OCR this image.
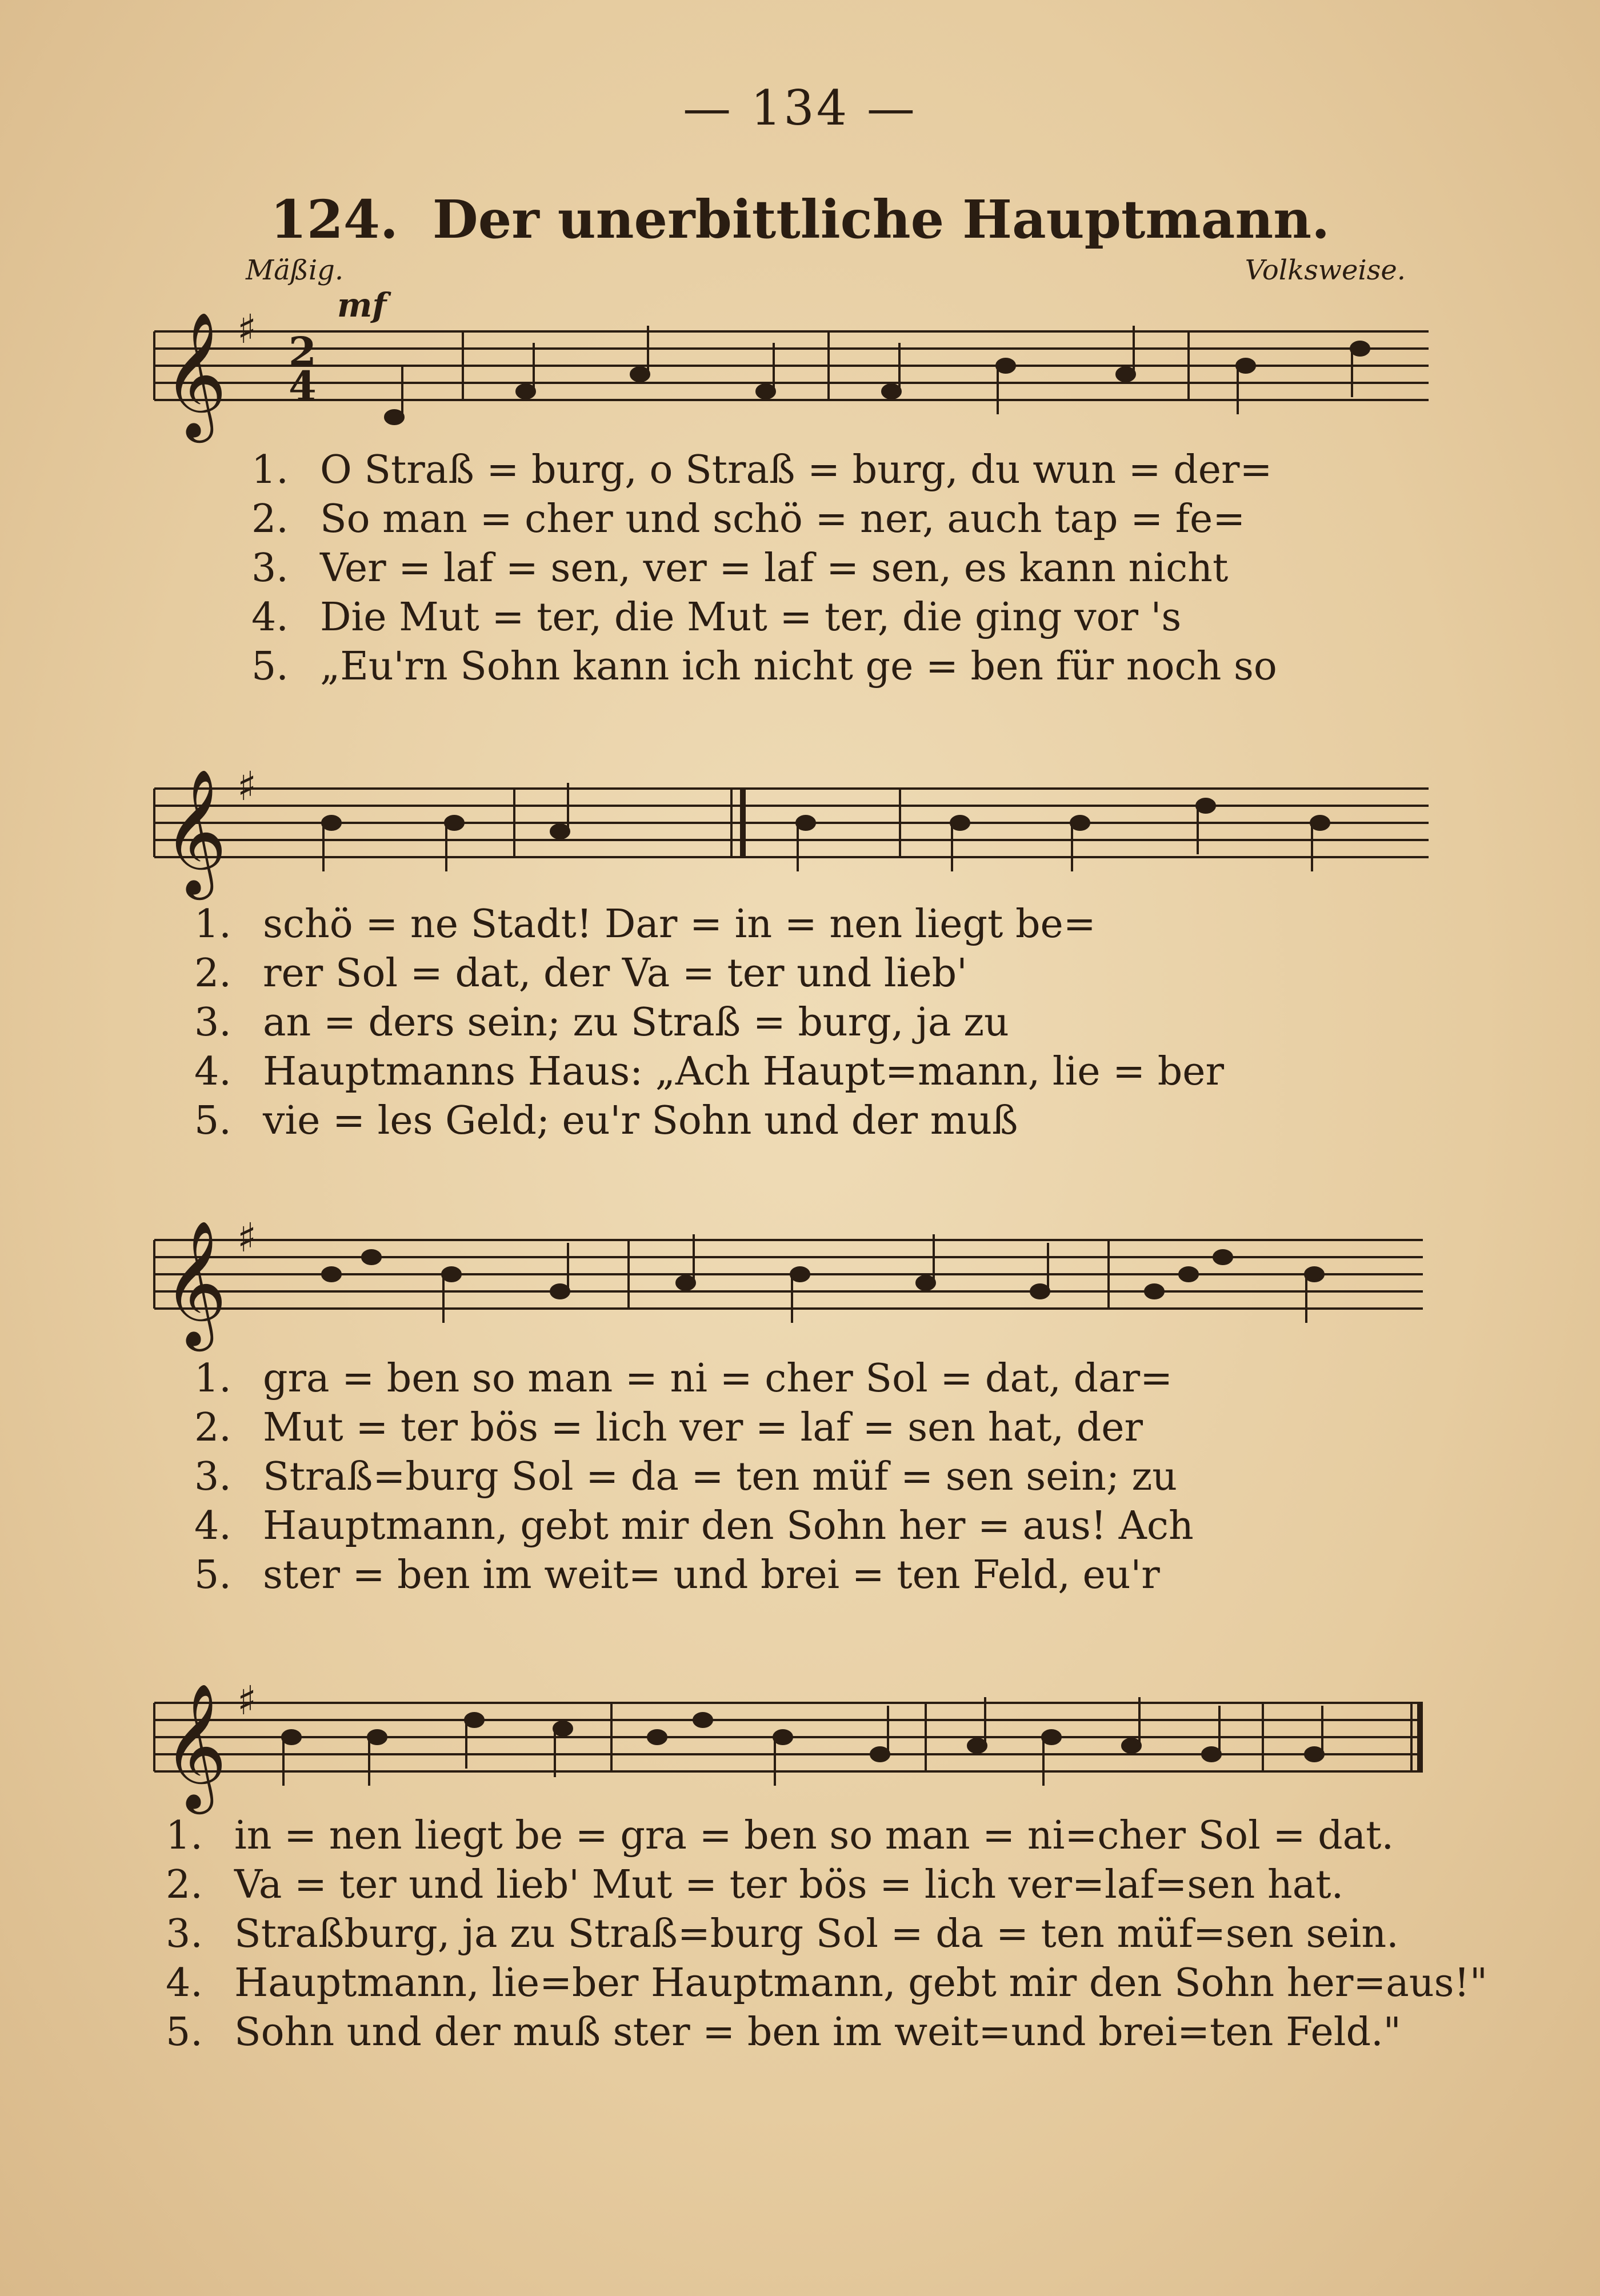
— 134 —
124. Der unerbittliche Hauptmann.
Mäßig.	Volksweise.
mf
𝄞
𝄞
𝄞
𝄞
♯
♯
♯
♯
2
4
1. O Straß = burg, o Straß = burg, du wun = der=
2. So man = cher und schö = ner, auch tap = fe=
3. Ver = laf = sen, ver = laf = sen, es kann nicht
4. Die Mut = ter, die Mut = ter, die ging vor 's
5. „Eu'rn Sohn kann ich nicht ge = ben für noch so
1. schö = ne Stadt! Dar = in = nen liegt be=
2. rer Sol = dat, der Va = ter und lieb'
3. an = ders sein; zu Straß = burg, ja zu
4. Hauptmanns Haus: „Ach Haupt=mann, lie = ber
5. vie = les Geld; eu'r Sohn und der muß
1. gra = ben so man = ni = cher Sol = dat, dar=
2. Mut = ter bös = lich ver = laf = sen hat, der
3. Straß=burg Sol = da = ten müf = sen sein; zu
4. Hauptmann, gebt mir den Sohn her = aus! Ach
5. ster = ben im weit= und brei = ten Feld, eu'r
1. in = nen liegt be = gra = ben so man = ni=cher Sol = dat.
2. Va = ter und lieb' Mut = ter bös = lich ver=laf=sen hat.
3. Straßburg, ja zu Straß=burg Sol = da = ten müf=sen sein.
4. Hauptmann, lie=ber Hauptmann, gebt mir den Sohn her=aus!"
5. Sohn und der muß ster = ben im weit=und brei=ten Feld."
